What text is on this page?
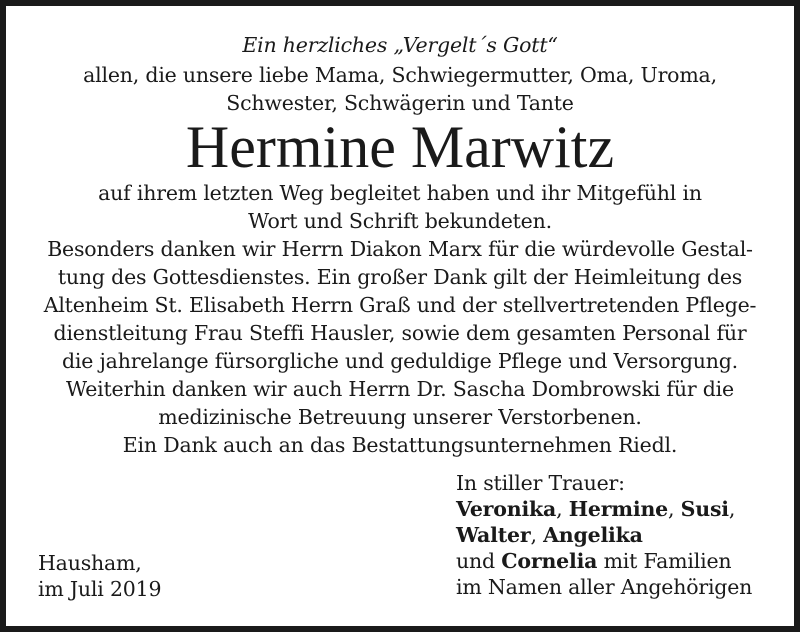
Ein herzliches „Vergelt´s Gott“
allen, die unsere liebe Mama, Schwiegermutter, Oma, Uroma,
Schwester, Schwägerin und Tante
Hermine Marwitz
auf ihrem letzten Weg begleitet haben und ihr Mitgefühl in
Wort und Schrift bekundeten.
Besonders danken wir Herrn Diakon Marx für die würdevolle Gestal-
tung des Gottesdienstes. Ein großer Dank gilt der Heimleitung des
Altenheim St. Elisabeth Herrn Graß und der stellvertretenden Pflege-
dienstleitung Frau Steffi Hausler, sowie dem gesamten Personal für
die jahrelange fürsorgliche und geduldige Pflege und Versorgung.
Weiterhin danken wir auch Herrn Dr. Sascha Dombrowski für die
medizinische Betreuung unserer Verstorbenen.
Ein Dank auch an das Bestattungsunternehmen Riedl.
Hausham,
im Juli 2019
In stiller Trauer:
Veronika, Hermine, Susi,
Walter, Angelika
und Cornelia mit Familien
im Namen aller Angehörigen
